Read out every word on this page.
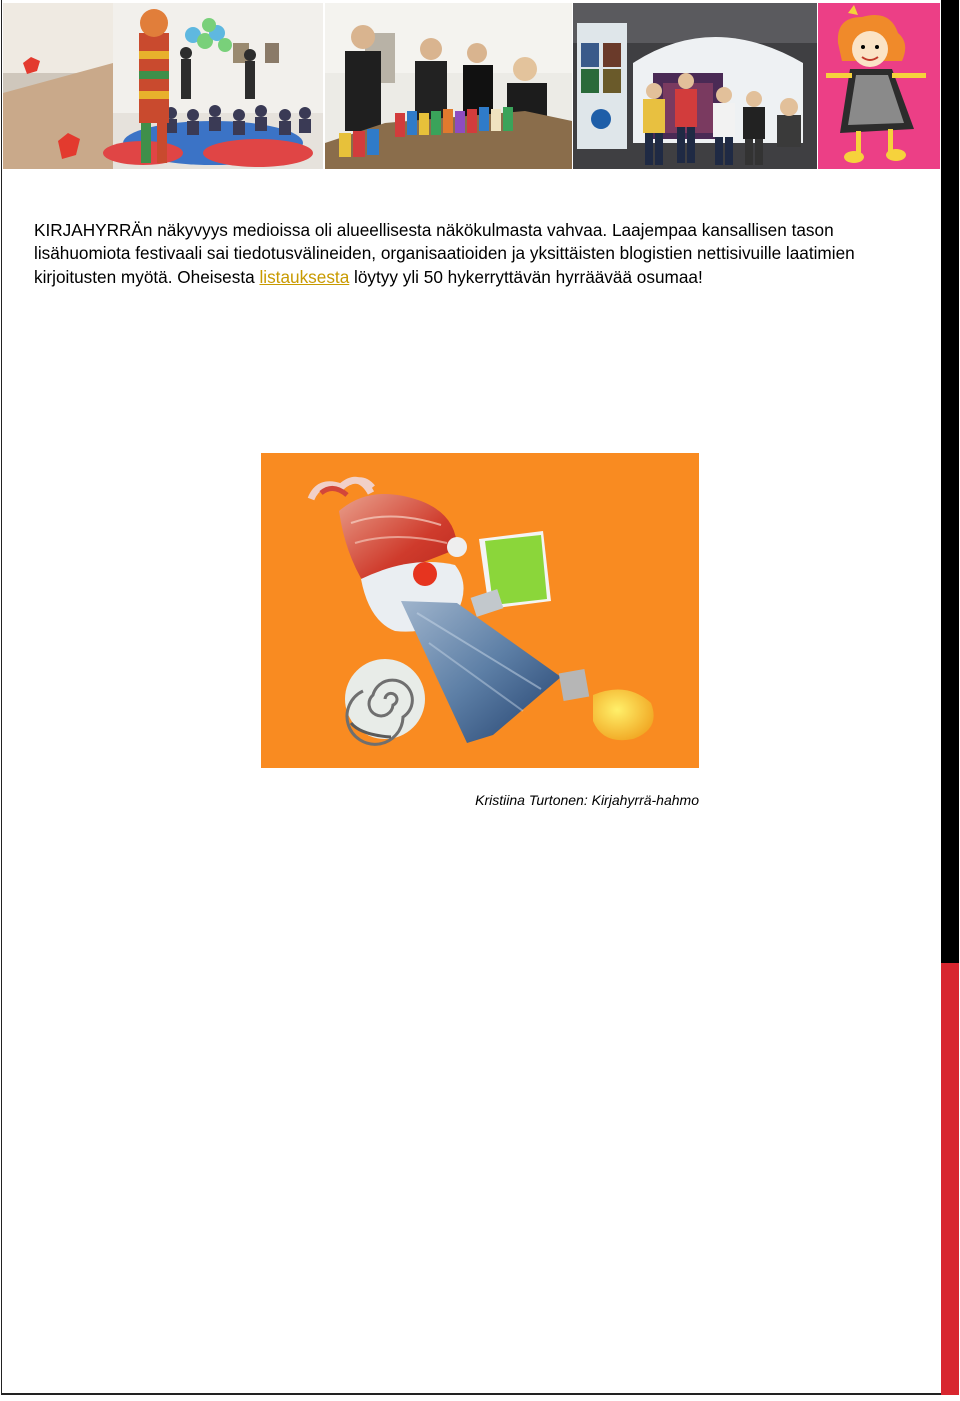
KIRJAHYRRÄn näkyvyys medioissa oli alueellisesta näkökulmasta vahvaa. Laajempaa kansallisen tason lisähuomiota festivaali sai tiedotusvälineiden, organisaatioiden ja yksittäisten blogistien nettisivuille laatimien kirjoitusten myötä. Oheisesta listauksesta löytyy yli 50 hykerryttävän hyrräävää osumaa!

Kristiina Turtonen: Kirjahyrrä-hahmo
